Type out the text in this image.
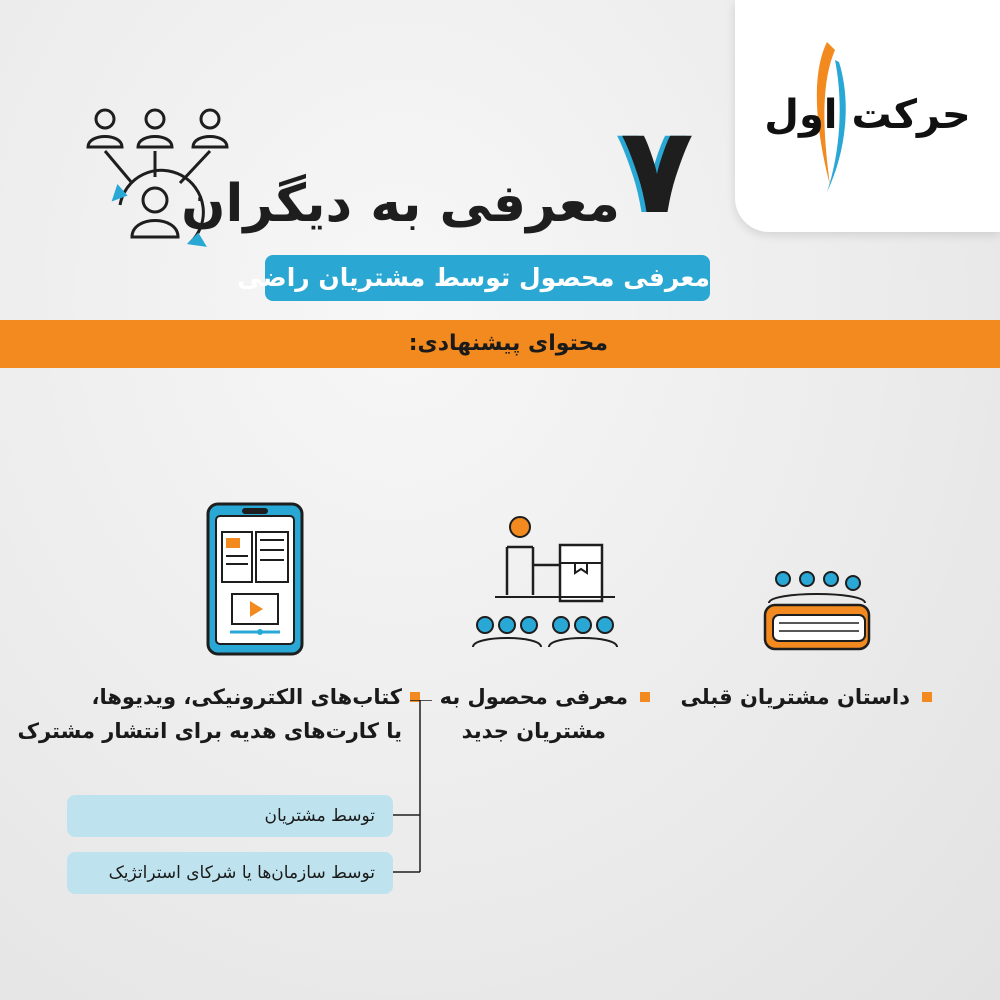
حرکت اول
۷
معرفی به دیگران
معرفی محصول توسط مشتریان راضی
محتوای پیشنهادی:
داستان مشتریان قبلی
معرفی محصول به
مشتریان جدید
کتاب‌های الکترونیکی، ویدیوها،
یا کارت‌های هدیه برای انتشار مشترک
توسط مشتریان
توسط سازمان‌ها یا شرکای استراتژیک
